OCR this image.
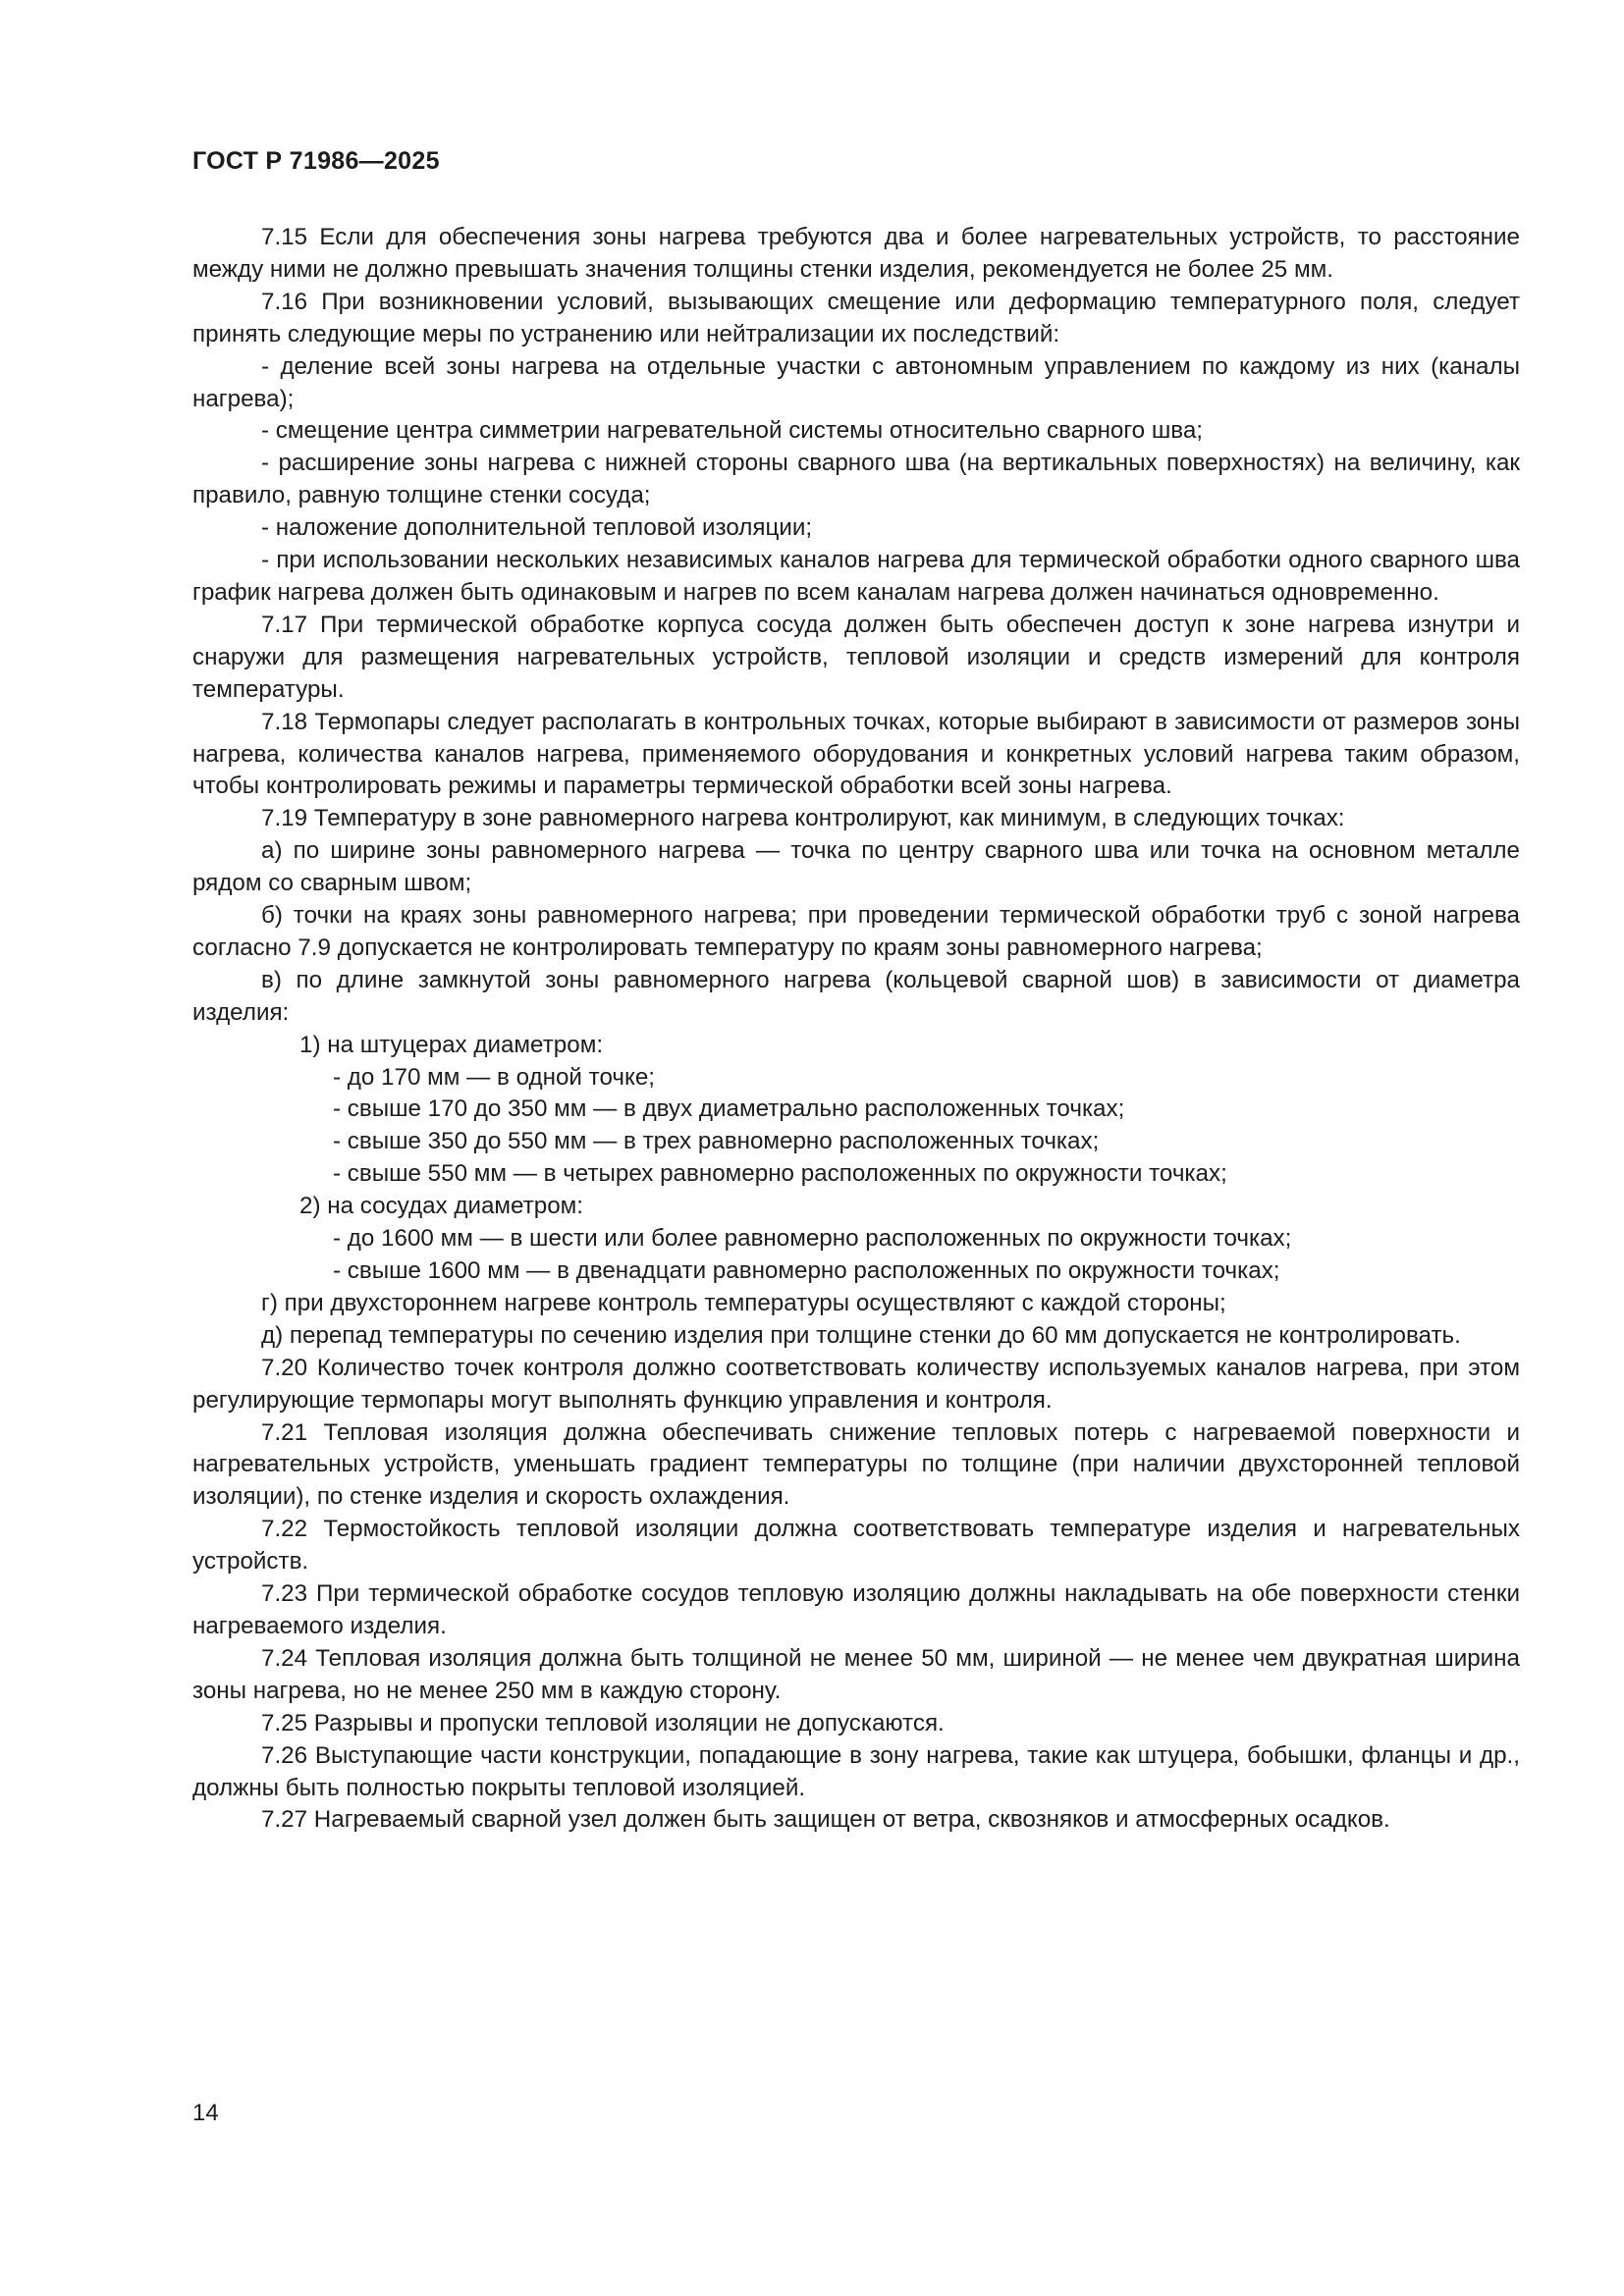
ГОСТ Р 71986—2025

7.15 Если для обеспечения зоны нагрева требуются два и более нагревательных устройств, то расстояние между ними не должно превышать значения толщины стенки изделия, рекомендуется не более 25 мм.

7.16 При возникновении условий, вызывающих смещение или деформацию температурного поля, следует принять следующие меры по устранению или нейтрализации их последствий:

- деление всей зоны нагрева на отдельные участки с автономным управлением по каждому из них (каналы нагрева);

- смещение центра симметрии нагревательной системы относительно сварного шва;

- расширение зоны нагрева с нижней стороны сварного шва (на вертикальных поверхностях) на величину, как правило, равную толщине стенки сосуда;

- наложение дополнительной тепловой изоляции;

- при использовании нескольких независимых каналов нагрева для термической обработки одного сварного шва график нагрева должен быть одинаковым и нагрев по всем каналам нагрева должен начинаться одновременно.

7.17 При термической обработке корпуса сосуда должен быть обеспечен доступ к зоне нагрева изнутри и снаружи для размещения нагревательных устройств, тепловой изоляции и средств измерений для контроля температуры.

7.18 Термопары следует располагать в контрольных точках, которые выбирают в зависимости от размеров зоны нагрева, количества каналов нагрева, применяемого оборудования и конкретных условий нагрева таким образом, чтобы контролировать режимы и параметры термической обработки всей зоны нагрева.

7.19 Температуру в зоне равномерного нагрева контролируют, как минимум, в следующих точках:

а) по ширине зоны равномерного нагрева — точка по центру сварного шва или точка на основном металле рядом со сварным швом;

б) точки на краях зоны равномерного нагрева; при проведении термической обработки труб с зоной нагрева согласно 7.9 допускается не контролировать температуру по краям зоны равномерного нагрева;

в) по длине замкнутой зоны равномерного нагрева (кольцевой сварной шов) в зависимости от диаметра изделия:

1) на штуцерах диаметром:

- до 170 мм — в одной точке;

- свыше 170 до 350 мм — в двух диаметрально расположенных точках;

- свыше 350 до 550 мм — в трех равномерно расположенных точках;

- свыше 550 мм — в четырех равномерно расположенных по окружности точках;

2) на сосудах диаметром:

- до 1600 мм — в шести или более равномерно расположенных по окружности точках;

- свыше 1600 мм — в двенадцати равномерно расположенных по окружности точках;

г) при двухстороннем нагреве контроль температуры осуществляют с каждой стороны;

д) перепад температуры по сечению изделия при толщине стенки до 60 мм допускается не контролировать.

7.20 Количество точек контроля должно соответствовать количеству используемых каналов нагрева, при этом регулирующие термопары могут выполнять функцию управления и контроля.

7.21 Тепловая изоляция должна обеспечивать снижение тепловых потерь с нагреваемой поверхности и нагревательных устройств, уменьшать градиент температуры по толщине (при наличии двухсторонней тепловой изоляции), по стенке изделия и скорость охлаждения.

7.22 Термостойкость тепловой изоляции должна соответствовать температуре изделия и нагревательных устройств.

7.23 При термической обработке сосудов тепловую изоляцию должны накладывать на обе поверхности стенки нагреваемого изделия.

7.24 Тепловая изоляция должна быть толщиной не менее 50 мм, шириной — не менее чем двукратная ширина зоны нагрева, но не менее 250 мм в каждую сторону.

7.25 Разрывы и пропуски тепловой изоляции не допускаются.

7.26 Выступающие части конструкции, попадающие в зону нагрева, такие как штуцера, бобышки, фланцы и др., должны быть полностью покрыты тепловой изоляцией.

7.27 Нагреваемый сварной узел должен быть защищен от ветра, сквозняков и атмосферных осадков.

14
